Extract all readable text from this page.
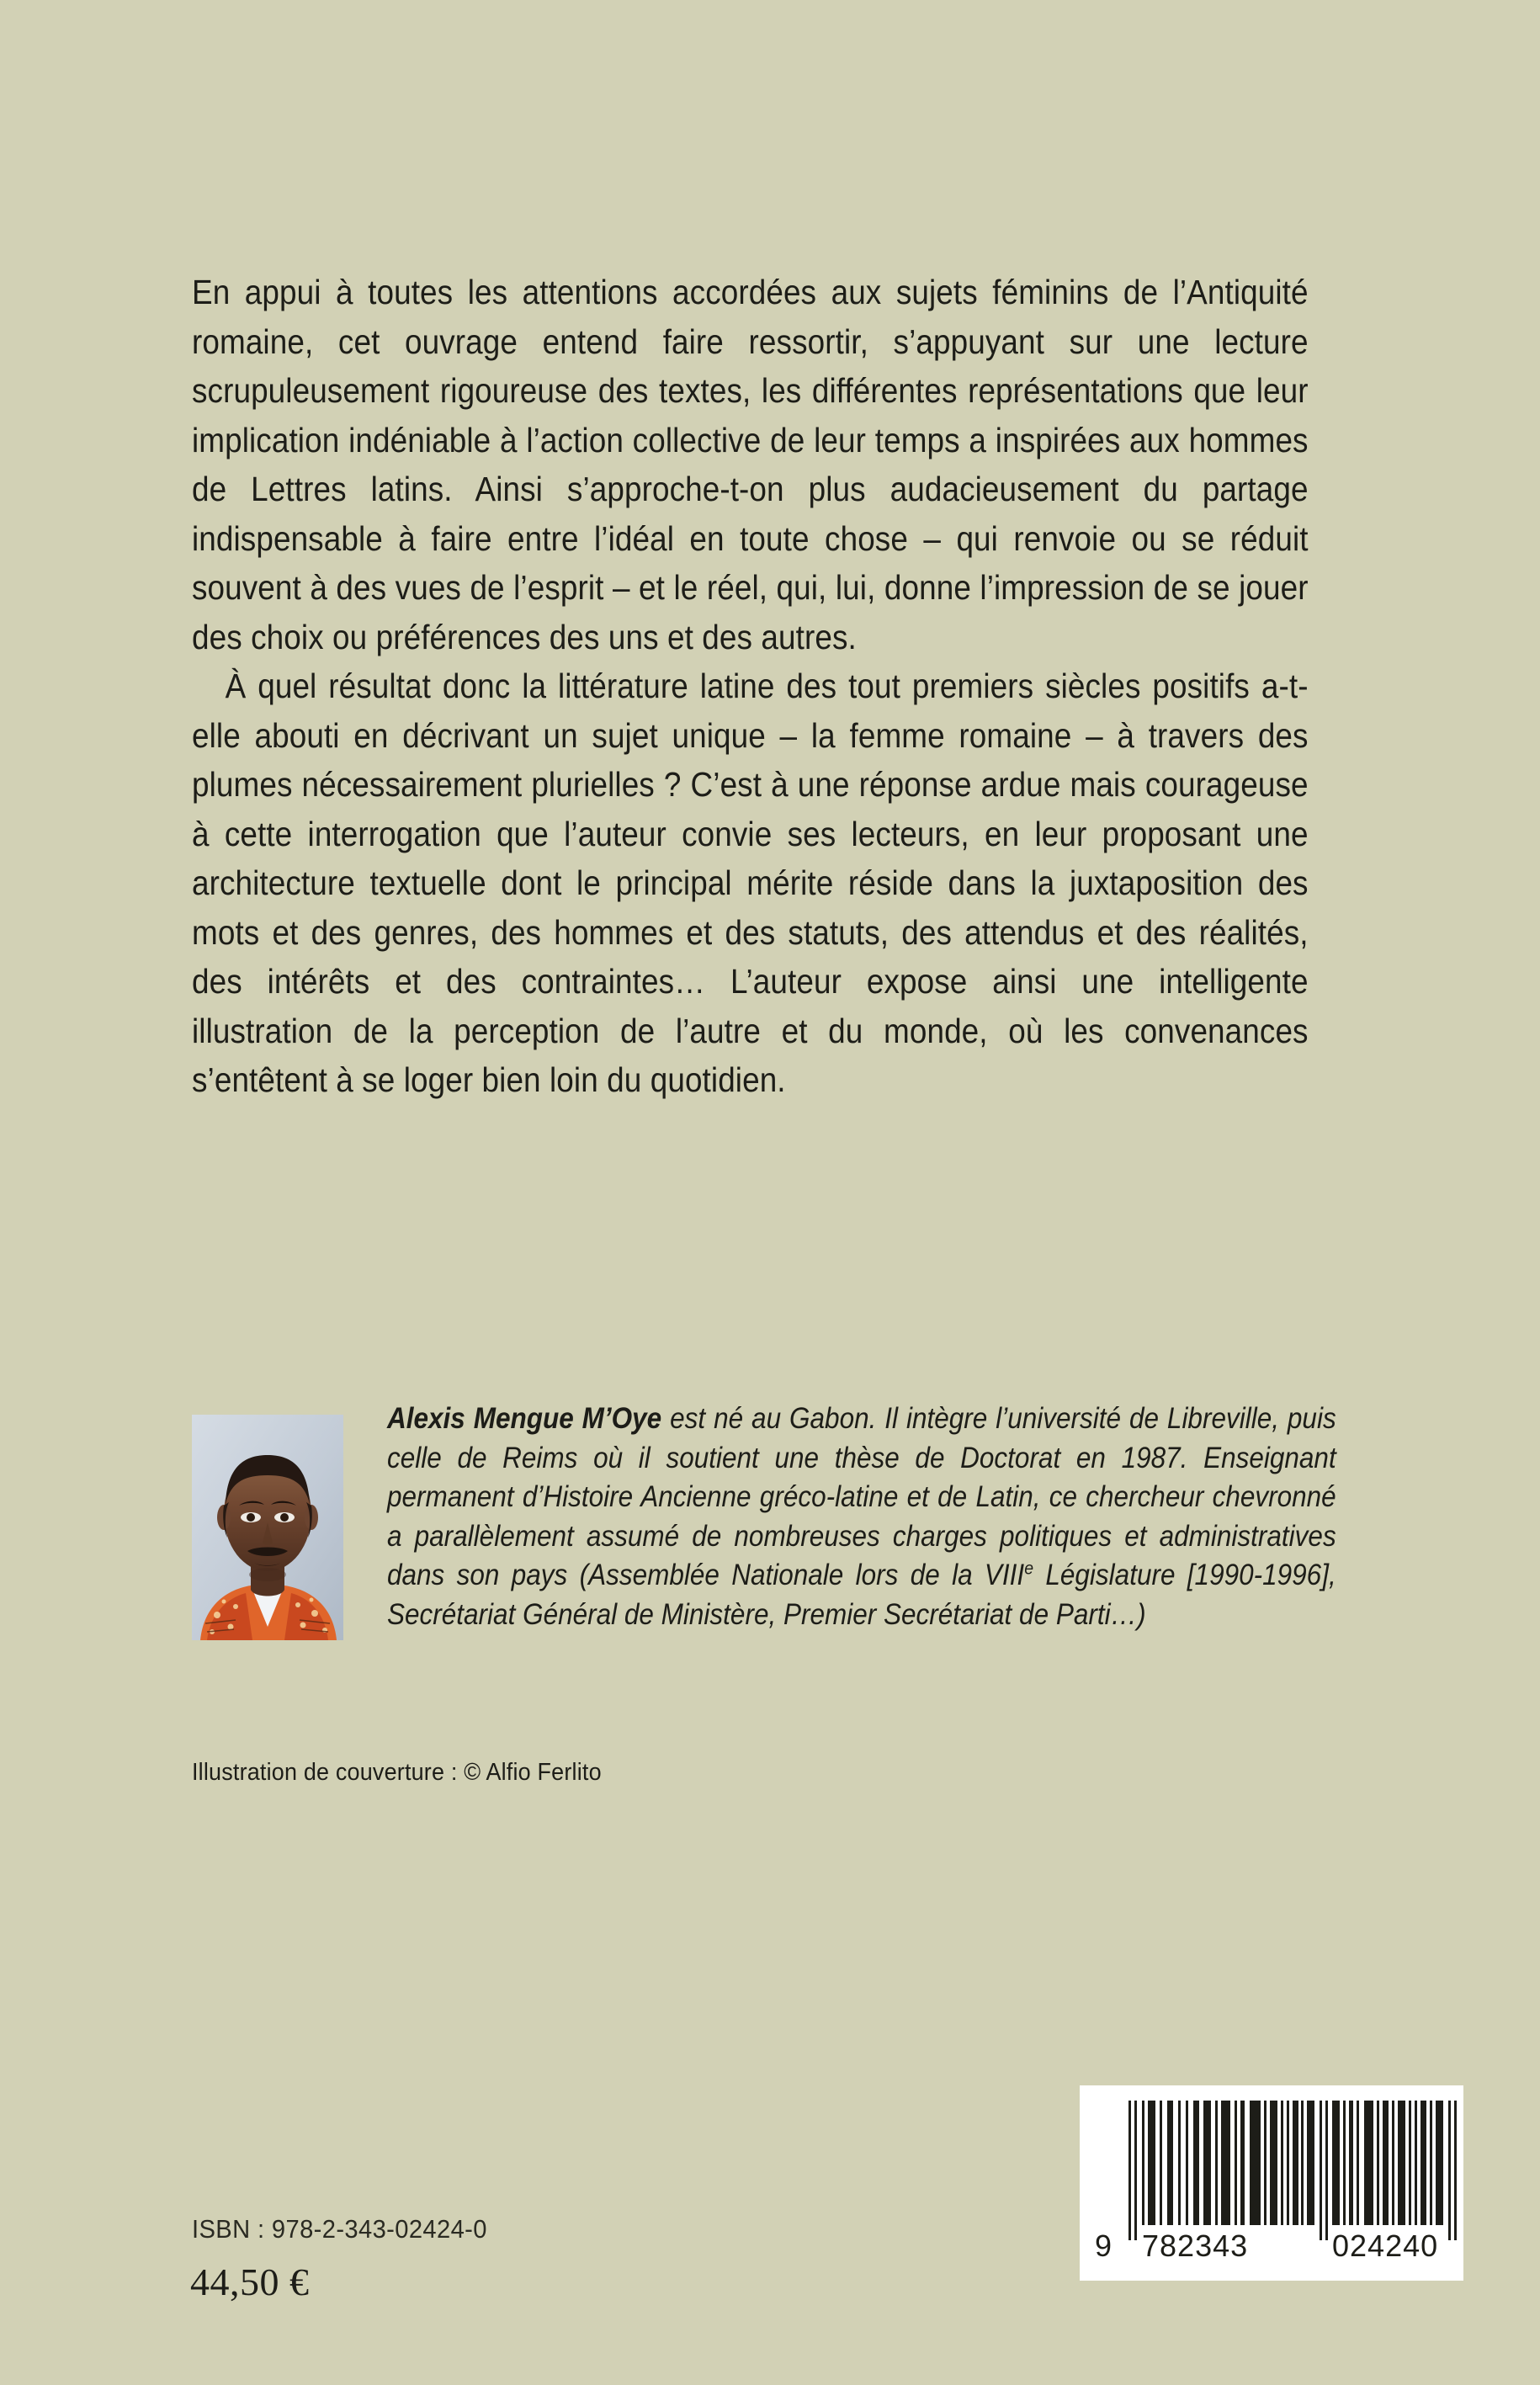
En appui à toutes les attentions accordées aux sujets féminins de l’Antiquité romaine, cet ouvrage entend faire ressortir, s’appuyant sur une lecture scrupuleusement rigoureuse des textes, les différentes représentations que leur implication indéniable à l’action collective de leur temps a inspirées aux hommes de Lettres latins. Ainsi s’approche-t-on plus audacieusement du partage indispensable à faire entre l’idéal en toute chose – qui renvoie ou se réduit souvent à des vues de l’esprit – et le réel, qui, lui, donne l’impression de se jouer des choix ou préférences des uns et des autres.

À quel résultat donc la littérature latine des tout premiers siècles positifs a-t-elle abouti en décrivant un sujet unique – la femme romaine – à travers des plumes nécessairement plurielles ? C’est à une réponse ardue mais courageuse à cette interrogation que l’auteur convie ses lecteurs, en leur proposant une architecture textuelle dont le principal mérite réside dans la juxtaposition des mots et des genres, des hommes et des statuts, des attendus et des réalités, des intérêts et des contraintes… L’auteur expose ainsi une intelligente illustration de la perception de l’autre et du monde, où les convenances s’entêtent à se loger bien loin du quotidien.

Alexis Mengue M’Oye est né au Gabon. Il intègre l’université de Libreville, puis celle de Reims où il soutient une thèse de Doctorat en 1987. Enseignant permanent d’Histoire Ancienne gréco-latine et de Latin, ce chercheur chevronné a parallèlement assumé de nombreuses charges politiques et administratives dans son pays (Assemblée Nationale lors de la VIIIe Législature [1990-1996], Secrétariat Général de Ministère, Premier Secrétariat de Parti…)
Illustration de couverture : © Alfio Ferlito
ISBN : 978-2-343-02424-0
44,50 €
9 782343	024240
